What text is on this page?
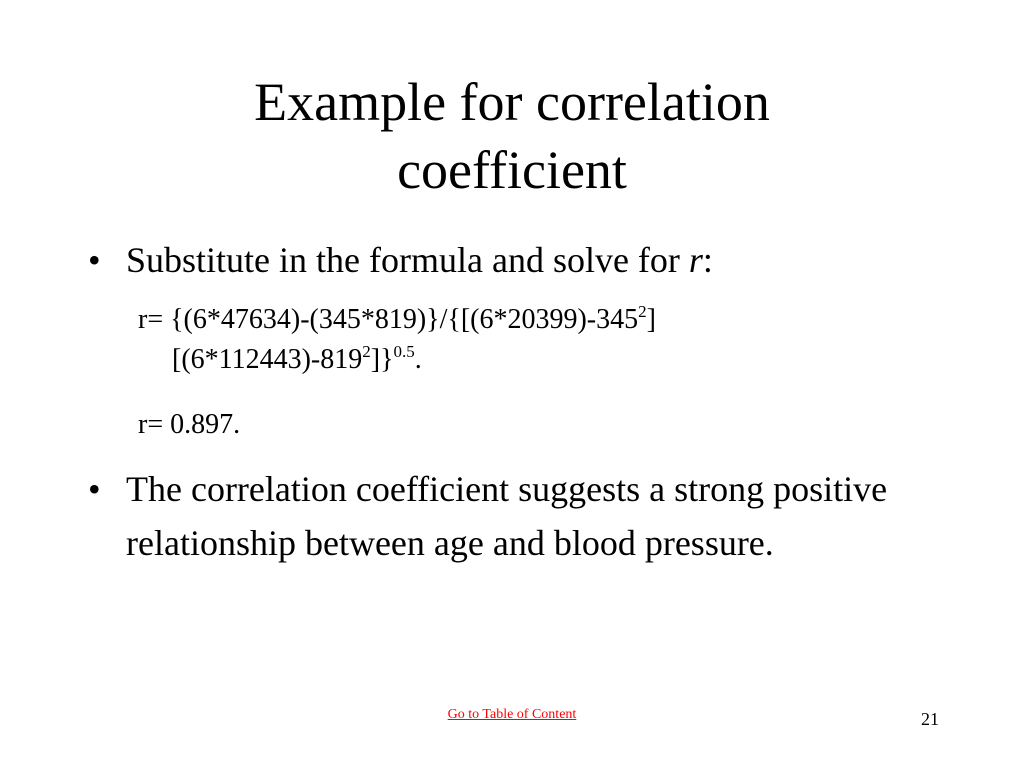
Example for correlation
coefficient
• Substitute in the formula and solve for r:
$r= \{(6*47634)-(345*819)\}/\{[(6*20399)-345^2][(6*112443)-819^2]\}^{0.5}$.
r= 0.897.
• The correlation coefficient suggests a strong positive relationship between age and blood pressure.
Go to Table of Content	21
